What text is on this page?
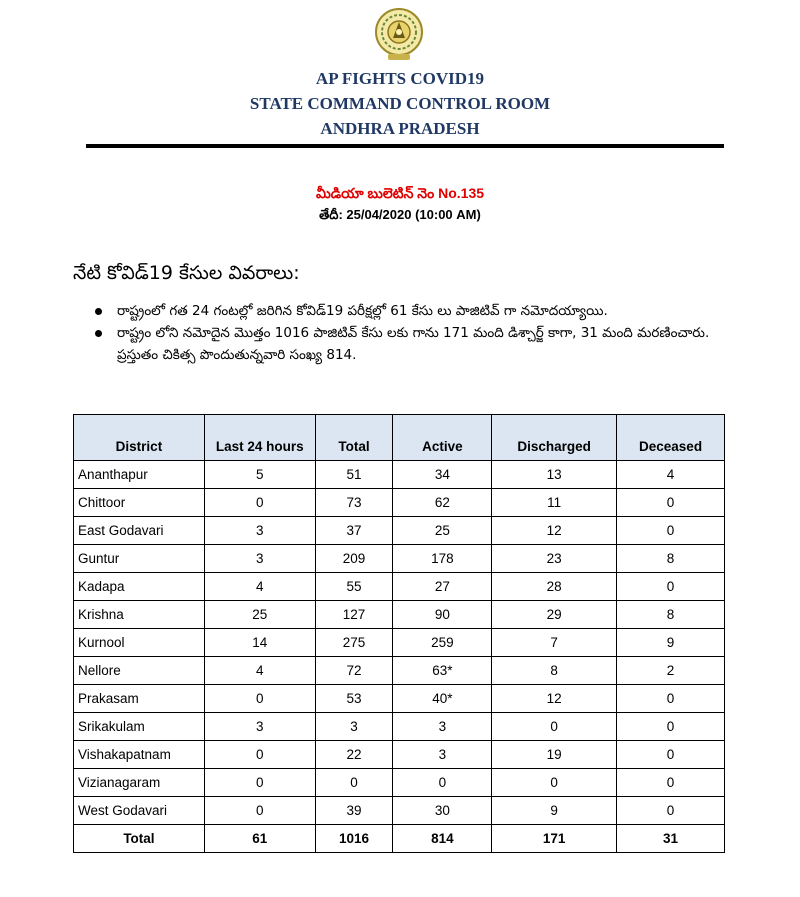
AP FIGHTS COVID19
STATE COMMAND CONTROL ROOM
ANDHRA PRADESH
మీడియా బులెటిన్ నెం No.135
తేదీ: 25/04/2020 (10:00 AM)
నేటి కోవిడ్19 కేసుల వివరాలు:
రాష్ట్రంలో గత 24 గంటల్లో జరిగిన కోవిడ్19 పరీక్షల్లో 61 కేసు లు పాజిటివ్ గా నమోదయ్యాయి.
రాష్ట్రం లోని నమోదైన మొత్తం 1016 పాజిటివ్ కేసు లకు గాను 171 మంది డిశ్చార్జ్ కాగా, 31 మంది మరణించారు. ప్రస్తుతం చికిత్స పొందుతున్నవారి సంఖ్య 814.
District	Last 24 hours	Total	Active	Discharged	Deceased
Ananthapur	5	51	34	13	4
Chittoor	0	73	62	11	0
East Godavari	3	37	25	12	0
Guntur	3	209	178	23	8
Kadapa	4	55	27	28	0
Krishna	25	127	90	29	8
Kurnool	14	275	259	7	9
Nellore	4	72	63*	8	2
Prakasam	0	53	40*	12	0
Srikakulam	3	3	3	0	0
Vishakapatnam	0	22	3	19	0
Vizianagaram	0	0	0	0	0
West Godavari	0	39	30	9	0
Total	61	1016	814	171	31
